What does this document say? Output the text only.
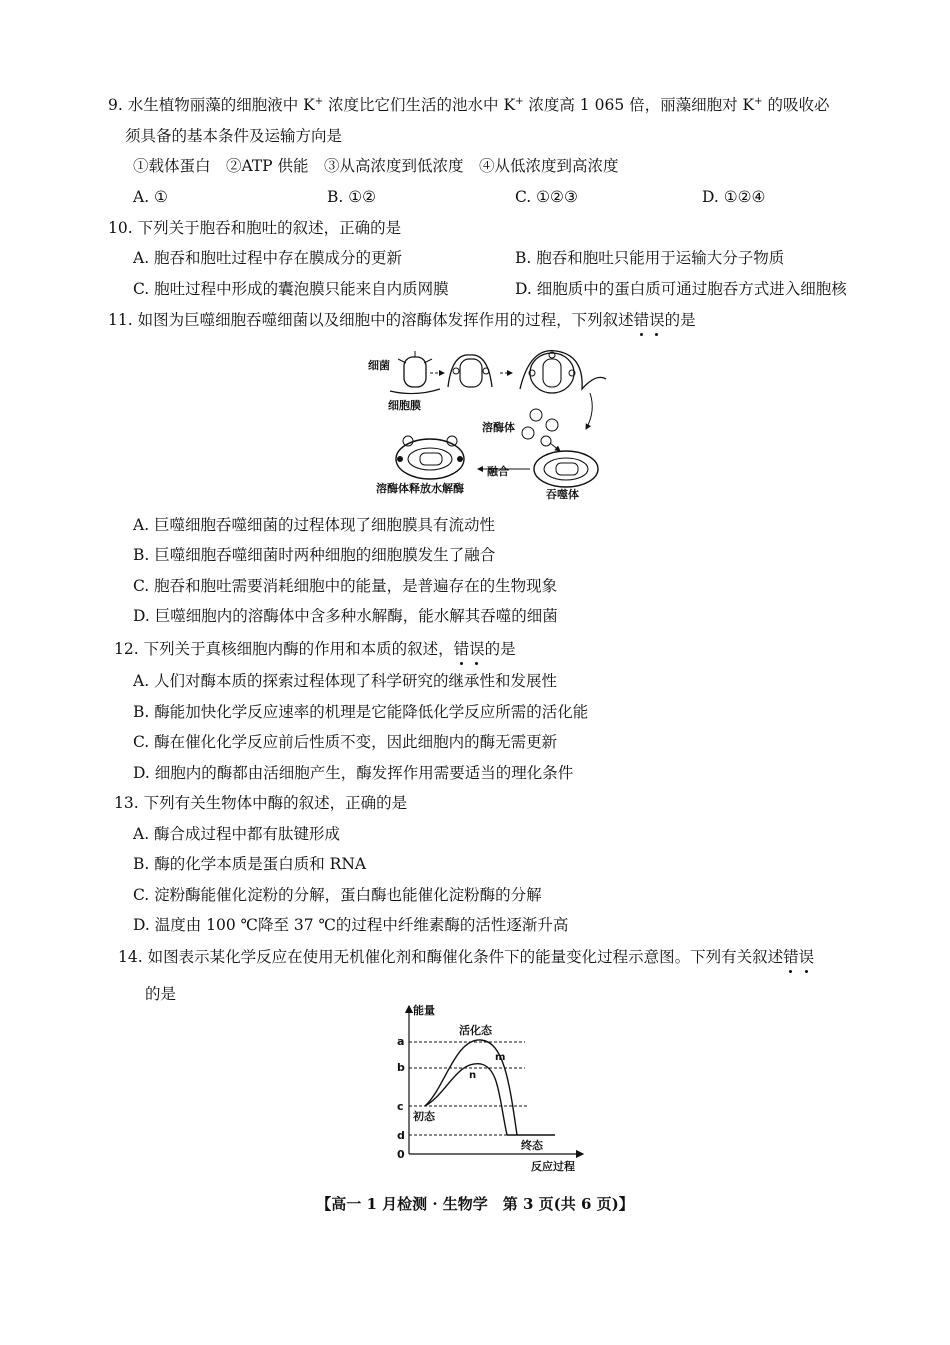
9. 水生植物丽藻的细胞液中 K+ 浓度比它们生活的池水中 K+ 浓度高 1 065 倍，丽藻细胞对 K+ 的吸收必
须具备的基本条件及运输方向是
①载体蛋白　②ATP 供能　③从高浓度到低浓度　④从低浓度到高浓度
A. ①	B. ①②	C. ①②③	D. ①②④
10. 下列关于胞吞和胞吐的叙述，正确的是
A. 胞吞和胞吐过程中存在膜成分的更新	B. 胞吞和胞吐只能用于运输大分子物质
C. 胞吐过程中形成的囊泡膜只能来自内质网膜	D. 细胞质中的蛋白质可通过胞吞方式进入细胞核
11. 如图为巨噬细胞吞噬细菌以及细胞中的溶酶体发挥作用的过程，下列叙述错误的是
细菌
细胞膜
溶酶体
融合
吞噬体
溶酶体释放水解酶
A. 巨噬细胞吞噬细菌的过程体现了细胞膜具有流动性
B. 巨噬细胞吞噬细菌时两种细胞的细胞膜发生了融合
C. 胞吞和胞吐需要消耗细胞中的能量，是普遍存在的生物现象
D. 巨噬细胞内的溶酶体中含多种水解酶，能水解其吞噬的细菌
12. 下列关于真核细胞内酶的作用和本质的叙述，错误的是
A. 人们对酶本质的探索过程体现了科学研究的继承性和发展性
B. 酶能加快化学反应速率的机理是它能降低化学反应所需的活化能
C. 酶在催化化学反应前后性质不变，因此细胞内的酶无需更新
D. 细胞内的酶都由活细胞产生，酶发挥作用需要适当的理化条件
13. 下列有关生物体中酶的叙述，正确的是
A. 酶合成过程中都有肽键形成
B. 酶的化学本质是蛋白质和 RNA
C. 淀粉酶能催化淀粉的分解，蛋白酶也能催化淀粉酶的分解
D. 温度由 100 ℃降至 37 ℃的过程中纤维素酶的活性逐渐升高
14. 如图表示某化学反应在使用无机催化剂和酶催化条件下的能量变化过程示意图。下列有关叙述错误
的是
能量
反应过程
a
b
c
d
0
活化态
m
n
初态
终态
【高一 1 月检测 · 生物学　第 3 页(共 6 页)】
